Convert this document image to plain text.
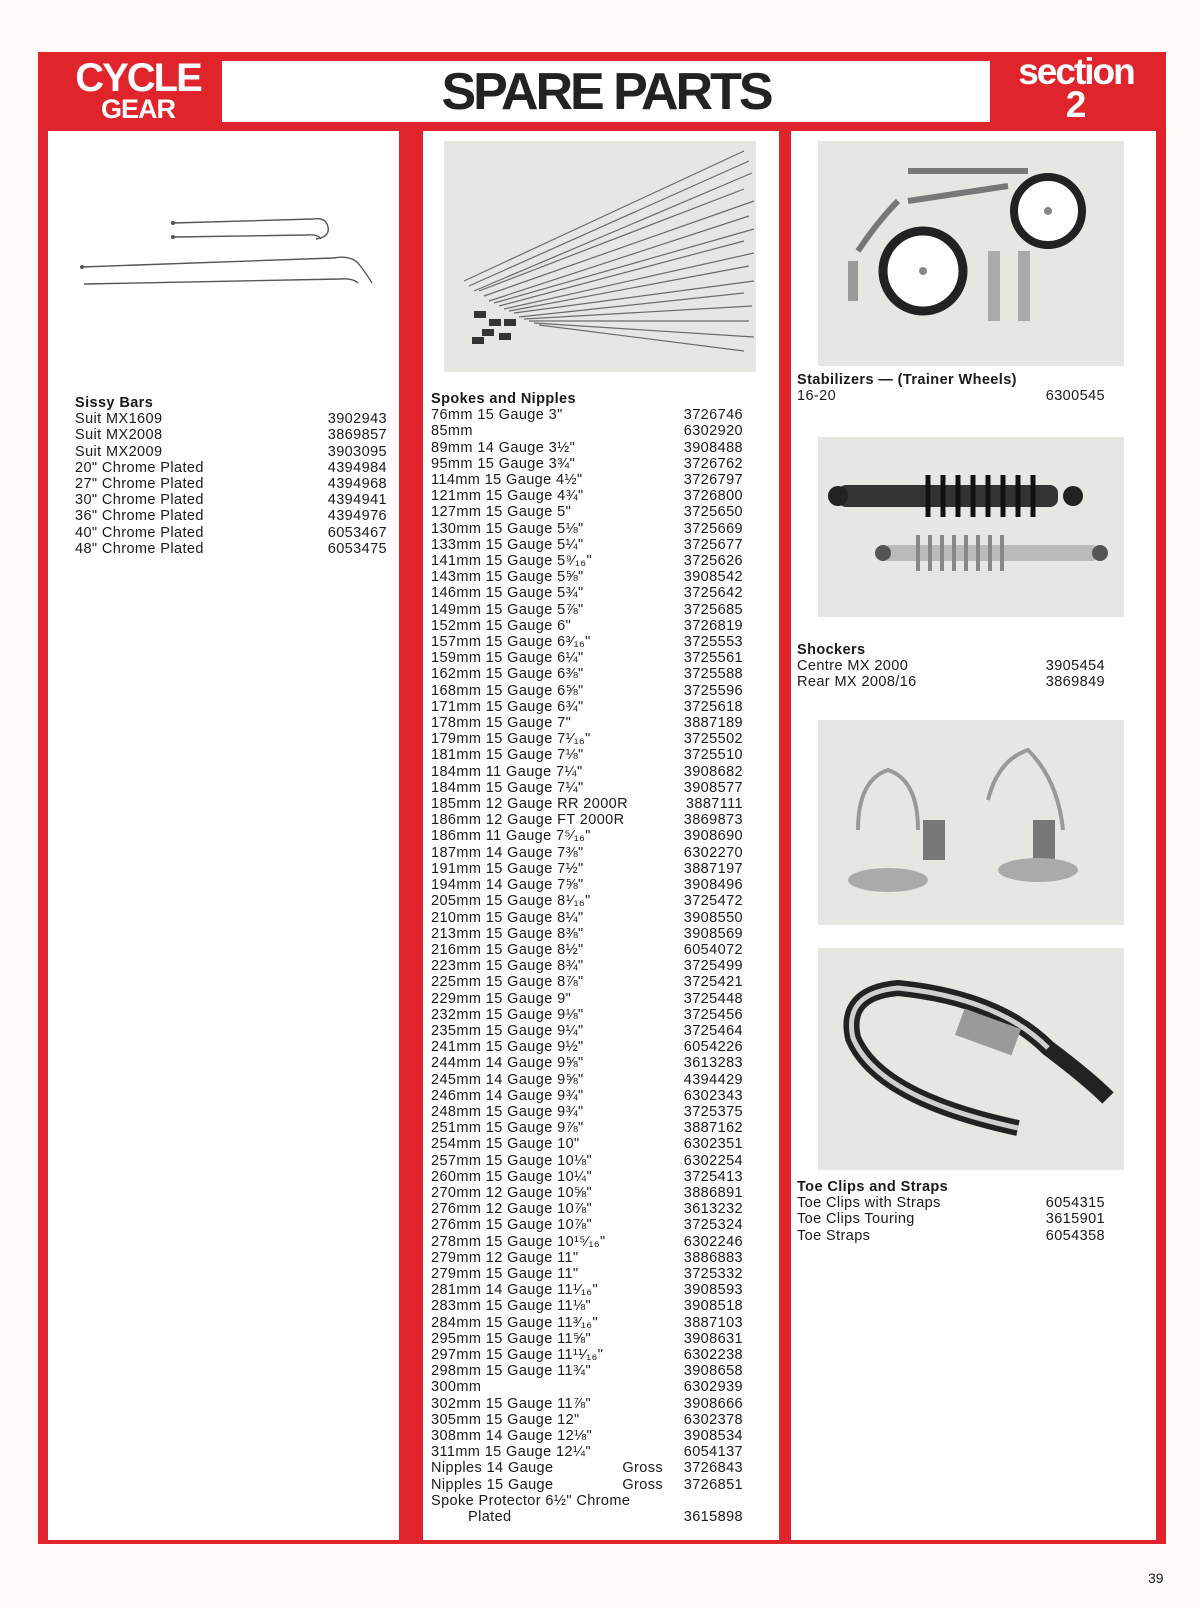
CYCLE
GEAR	SPARE PARTS	section
2
Sissy Bars
Suit MX1609	3902943
Suit MX2008	3869857
Suit MX2009	3903095
20" Chrome Plated	4394984
27" Chrome Plated	4394968
30" Chrome Plated	4394941
36" Chrome Plated	4394976
40" Chrome Plated	6053467
48" Chrome Plated	6053475
Spokes and Nipples
76mm 15 Gauge 3"	3726746
85mm	6302920
89mm 14 Gauge 3½"	3908488
95mm 15 Gauge 3¾"	3726762
114mm 15 Gauge 4½"	3726797
121mm 15 Gauge 4¾"	3726800
127mm 15 Gauge 5"	3725650
130mm 15 Gauge 5⅛"	3725669
133mm 15 Gauge 5¼"	3725677
141mm 15 Gauge 5⁹⁄₁₆"	3725626
143mm 15 Gauge 5⅝"	3908542
146mm 15 Gauge 5¾"	3725642
149mm 15 Gauge 5⅞"	3725685
152mm 15 Gauge 6"	3726819
157mm 15 Gauge 6³⁄₁₆"	3725553
159mm 15 Gauge 6¼"	3725561
162mm 15 Gauge 6⅜"	3725588
168mm 15 Gauge 6⅝"	3725596
171mm 15 Gauge 6¾"	3725618
178mm 15 Gauge 7"	3887189
179mm 15 Gauge 7¹⁄₁₆"	3725502
181mm 15 Gauge 7⅛"	3725510
184mm 11 Gauge 7¼"	3908682
184mm 15 Gauge 7¼"	3908577
185mm 12 Gauge RR 2000R	3887111
186mm 12 Gauge FT 2000R	3869873
186mm 11 Gauge 7⁵⁄₁₆"	3908690
187mm 14 Gauge 7⅜"	6302270
191mm 15 Gauge 7½"	3887197
194mm 14 Gauge 7⅝"	3908496
205mm 15 Gauge 8¹⁄₁₆"	3725472
210mm 15 Gauge 8¼"	3908550
213mm 15 Gauge 8⅜"	3908569
216mm 15 Gauge 8½"	6054072
223mm 15 Gauge 8¾"	3725499
225mm 15 Gauge 8⅞"	3725421
229mm 15 Gauge 9"	3725448
232mm 15 Gauge 9⅛"	3725456
235mm 15 Gauge 9¼"	3725464
241mm 15 Gauge 9½"	6054226
244mm 14 Gauge 9⅝"	3613283
245mm 14 Gauge 9⅝"	4394429
246mm 14 Gauge 9¾"	6302343
248mm 15 Gauge 9¾"	3725375
251mm 15 Gauge 9⅞"	3887162
254mm 15 Gauge 10"	6302351
257mm 15 Gauge 10⅛"	6302254
260mm 15 Gauge 10¼"	3725413
270mm 12 Gauge 10⅝"	3886891
276mm 12 Gauge 10⅞"	3613232
276mm 15 Gauge 10⅞"	3725324
278mm 15 Gauge 10¹⁵⁄₁₆"	6302246
279mm 12 Gauge 11"	3886883
279mm 15 Gauge 11"	3725332
281mm 14 Gauge 11¹⁄₁₆"	3908593
283mm 15 Gauge 11⅛"	3908518
284mm 15 Gauge 11³⁄₁₆"	3887103
295mm 15 Gauge 11⅝"	3908631
297mm 15 Gauge 11¹¹⁄₁₆"	6302238
298mm 15 Gauge 11¾"	3908658
300mm	6302939
302mm 15 Gauge 11⅞"	3908666
305mm 15 Gauge 12"	6302378
308mm 14 Gauge 12⅛"	3908534
311mm 15 Gauge 12¼"	6054137
Nipples 14 Gauge	Gross	3726843
Nipples 15 Gauge	Gross	3726851
Spoke Protector 6½" Chrome
Plated	3615898
Stabilizers — (Trainer Wheels)
16-20	6300545
Shockers
Centre MX 2000	3905454
Rear MX 2008/16	3869849
Toe Clips and Straps
Toe Clips with Straps	6054315
Toe Clips Touring	3615901
Toe Straps	6054358
39
